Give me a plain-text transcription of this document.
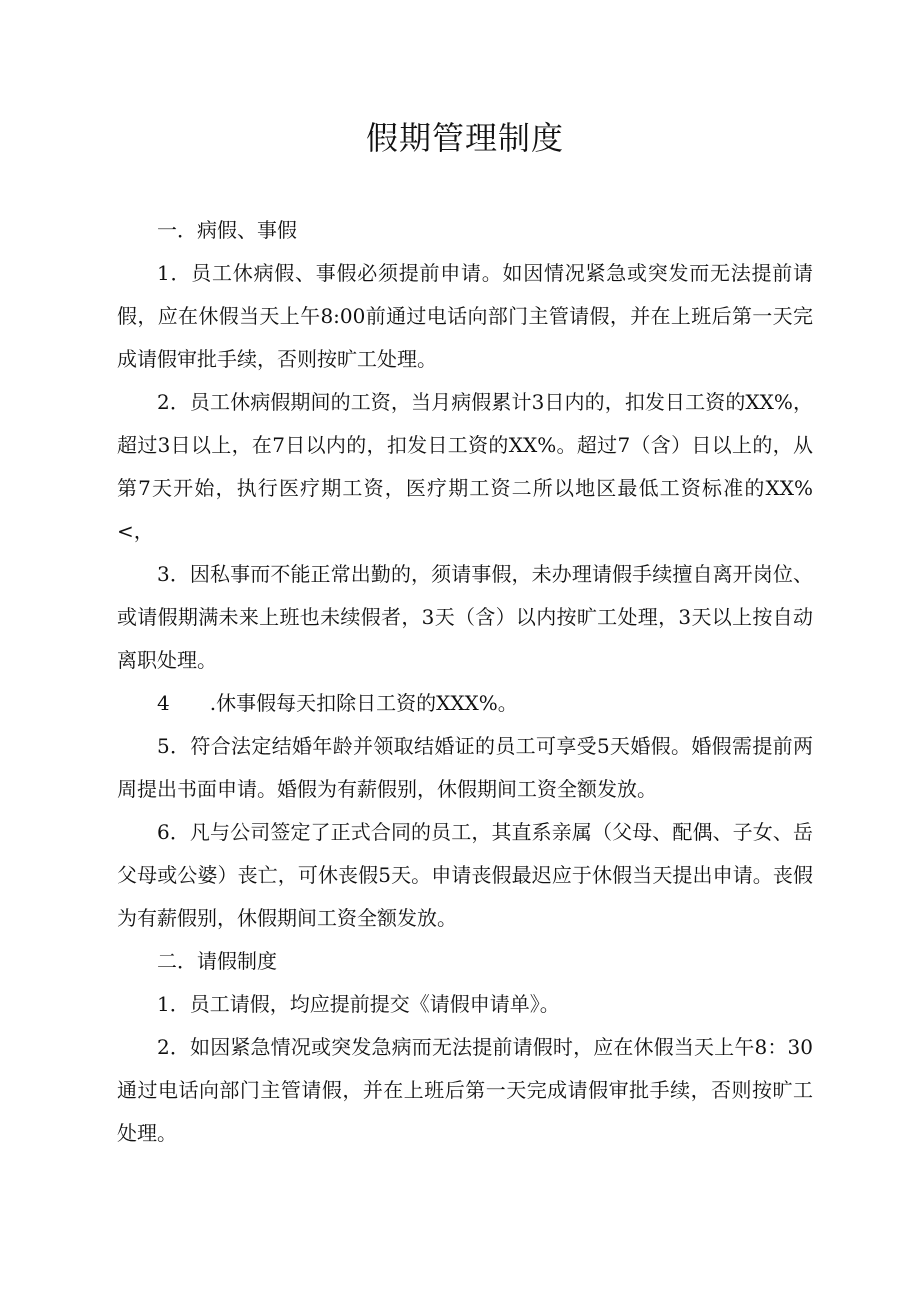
假期管理制度

一．病假、事假

1．员工休病假、事假必须提前申请。如因情况紧急或突发而无法提前请假，应在休假当天上午8:00前通过电话向部门主管请假，并在上班后第一天完成请假审批手续，否则按旷工处理。

2．员工休病假期间的工资，当月病假累计3日内的，扣发日工资的XX%，超过3日以上，在7日以内的，扣发日工资的XX%。超过7（含）日以上的，从第7天开始，执行医疗期工资，医疗期工资二所以地区最低工资标准的XX%<，

3．因私事而不能正常出勤的，须请事假，未办理请假手续擅自离开岗位、或请假期满未来上班也未续假者，3天（含）以内按旷工处理，3天以上按自动离职处理。

4　　.休事假每天扣除日工资的XXX%。

5．符合法定结婚年龄并领取结婚证的员工可享受5天婚假。婚假需提前两周提出书面申请。婚假为有薪假别，休假期间工资全额发放。

6．凡与公司签定了正式合同的员工，其直系亲属（父母、配偶、子女、岳父母或公婆）丧亡，可休丧假5天。申请丧假最迟应于休假当天提出申请。丧假为有薪假别，休假期间工资全额发放。

二．请假制度

1．员工请假，均应提前提交《请假申请单》。

2．如因紧急情况或突发急病而无法提前请假时，应在休假当天上午8：30通过电话向部门主管请假，并在上班后第一天完成请假审批手续，否则按旷工处理。
